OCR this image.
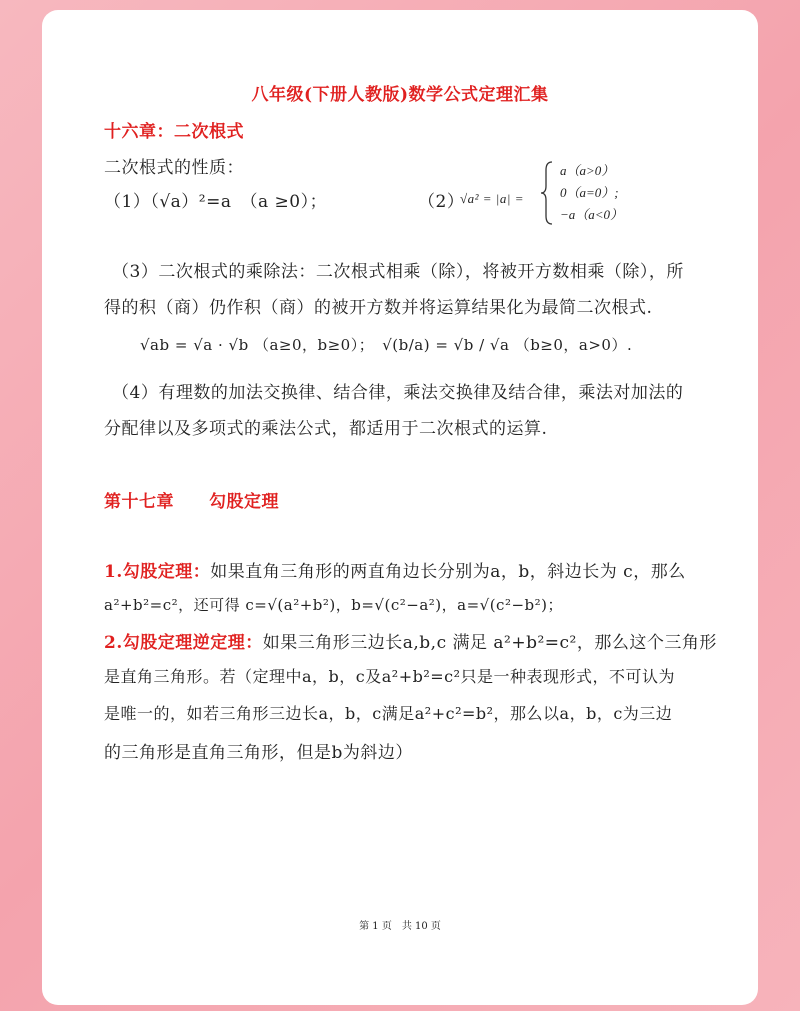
八年级(下册人教版)数学公式定理汇集
十六章：二次根式
二次根式的性质：
（1）（√a）²=a　（a ≥0）；	（2）
√a² = |a| =
a（a>0）
0（a=0）;
−a（a<0）
（3）二次根式的乘除法：二次根式相乘（除），将被开方数相乘（除），所
得的积（商）仍作积（商）的被开方数并将运算结果化为最简二次根式.
√ab = √a · √b （a≥0，b≥0）；　√(b/a) = √b / √a （b≥0，a>0）.
（4）有理数的加法交换律、结合律，乘法交换律及结合律，乘法对加法的
分配律以及多项式的乘法公式，都适用于二次根式的运算.
第十七章　　勾股定理
1.勾股定理：如果直角三角形的两直角边长分别为a，b，斜边长为 c，那么
a²+b²=c²，还可得 c=√(a²+b²)，b=√(c²−a²)，a=√(c²−b²)；
2.勾股定理逆定理：如果三角形三边长a,b,c 满足 a²+b²=c²，那么这个三角形
是直角三角形。若（定理中a，b，c及a²+b²=c²只是一种表现形式，不可认为
是唯一的，如若三角形三边长a，b，c满足a²+c²=b²，那么以a，b，c为三边
的三角形是直角三角形，但是b为斜边）
第 1 页　共 10 页
